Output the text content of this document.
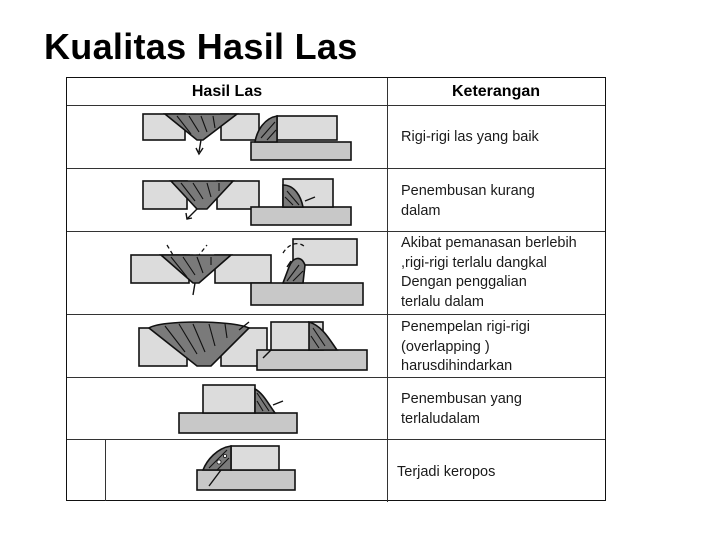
Kualitas Hasil Las
Hasil Las	Keterangan
Rigi-rigi las yang baik
Penembusan kurang
dalam
Akibat pemanasan berlebih
,rigi-rigi terlalu dangkal
Dengan penggalian
terlalu dalam
Penempelan rigi-rigi
(overlapping )
harusdihindarkan
Penembusan yang
terlaludalam
Terjadi keropos
